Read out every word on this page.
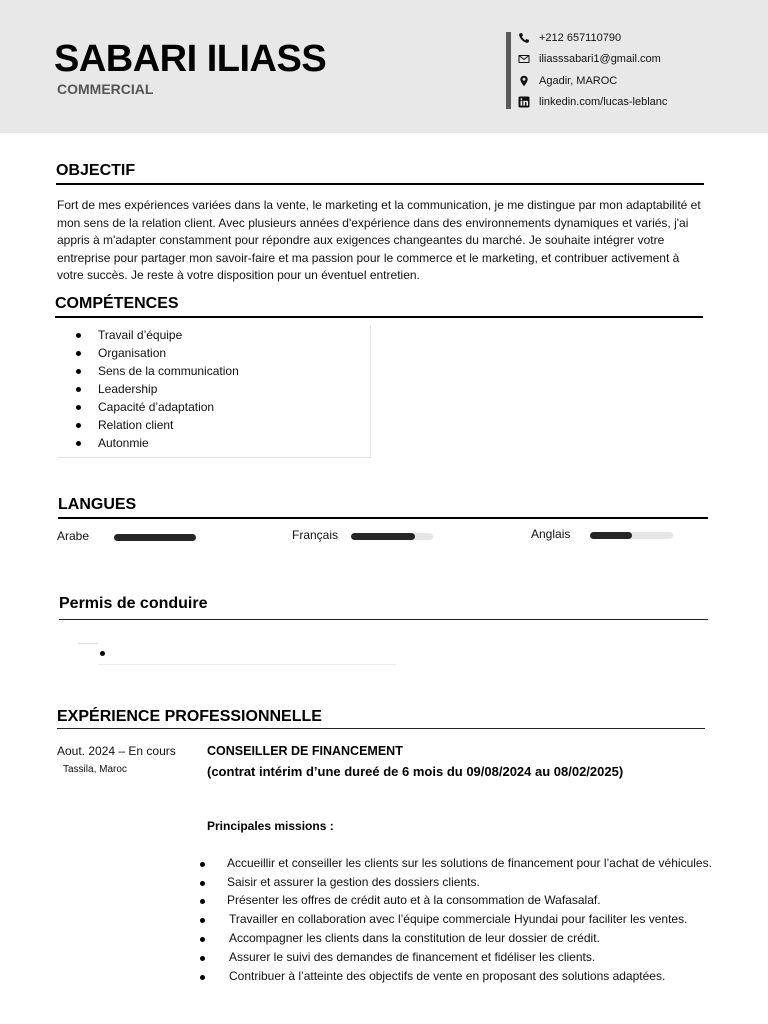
SABARI ILIASS
COMMERCIAL
+212 657110790
iliasssabari1@gmail.com
Agadir, MAROC
linkedin.com/lucas-leblanc
OBJECTIF
Fort de mes expériences variées dans la vente, le marketing et la communication, je me distingue par mon adaptabilité et mon sens de la relation client. Avec plusieurs années d'expérience dans des environnements dynamiques et variés, j'ai appris à m'adapter constamment pour répondre aux exigences changeantes du marché. Je souhaite intégrer votre entreprise pour partager mon savoir-faire et ma passion pour le commerce et le marketing, et contribuer activement à votre succès. Je reste à votre disposition pour un éventuel entretien.
COMPÉTENCES
Travail d’équipe
Organisation
Sens de la communication
Leadership
Capacité d’adaptation
Relation client
Autonmie
LANGUES
Arabe	Français	Anglais
Permis de conduire
EXPÉRIENCE PROFESSIONNELLE
Aout. 2024 – En cours
Tassila, Maroc
CONSEILLER DE FINANCEMENT
(contrat intérim d’une dureé de 6 mois du 09/08/2024 au 08/02/2025)
Principales missions :
Accueillir et conseiller les clients sur les solutions de financement pour l’achat de véhicules.
Saisir et assurer la gestion des dossiers clients.
Présenter les offres de crédit auto et à la consommation de Wafasalaf.
Travailler en collaboration avec l’équipe commerciale Hyundai pour faciliter les ventes.
Accompagner les clients dans la constitution de leur dossier de crédit.
Assurer le suivi des demandes de financement et fidéliser les clients.
Contribuer à l’atteinte des objectifs de vente en proposant des solutions adaptées.
